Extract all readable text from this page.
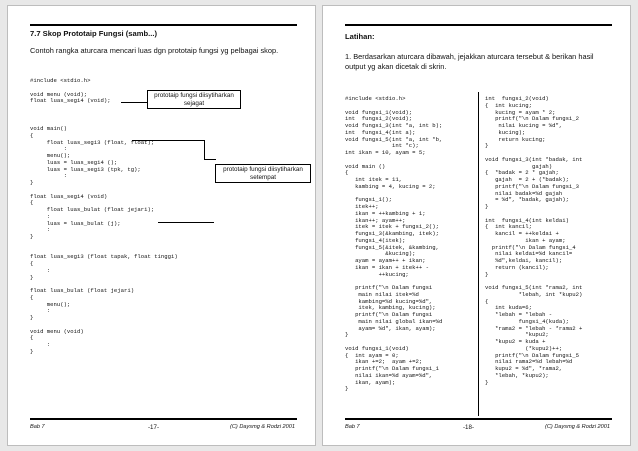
7.7 Skop Prototaip Fungsi (samb...)
Contoh rangka aturcara mencari luas dgn prototaip fungsi yg pelbagai skop.
#include <stdio.h>

void menu (void);
float luas_segi4 (void);
void main()
{
float luas_segi3 (float, float);
:
menu();
luas = luas_segi4 ();
luas = luas_segi3 (tpk, tg);
:
}

float luas_segi4 (void)
{
float luas_bulat (float jejari);
:
luas = luas_bulat (j);
:
}

float luas_segi3 (float tapak, float tinggi)
{
:
}

float luas_bulat (float jejari)
{
menu();
:
}

void menu (void)
{
:
}
prototaip fungsi diisytiharkan sejagat
prototaip fungsi diisytiharkan setempat
Bab 7	-17-	(C) Daysmg & Rodzi 2001
Latihan:
1. Berdasarkan aturcara dibawah, jejakkan aturcara tersebut & berikan hasil output yg akan dicetak di skrin.
#include <stdio.h>

void fungsi_1(void);
int  fungsi_2(void);
void fungsi_3(int *a, int b);
int  fungsi_4(int a);
void fungsi_5(int *a, int *b,
int *c);
int ikan = 10, ayam = 5;

void main ()
{
int itek = 11,
kambing = 4, kucing = 2;

fungsi_1();
itek++;
ikan = ++kambing + 1;
ikan++; ayam++;
itek = itek + fungsi_2();
fungsi_3(&kambing, itek);
fungsi_4(itek);
fungsi_5(&itek, &kambing,
&kucing);
ayam = ayam++ + ikan;
ikan = ikan + itek++ -
++kucing;

printf("\n Dalam fungsi
main nilai itek=%d
kambing=%d kucing=%d",
itek, kambing, kucing);
printf("\n Dalam fungsi
main nilai global ikan=%d
ayam= %d", ikan, ayam);
}

void fungsi_1(void)
{  int ayam = 0;
ikan +=2;  ayam +=2;
printf("\n Dalam fungsi_1
nilai ikan=%d ayam=%d",
ikan, ayam);
}
int  fungsi_2(void)
{  int kucing;
kucing = ayam * 2;
printf("\n Dalam fungsi_2
nilai kucing = %d",
kucing);
return kucing;
}

void fungsi_3(int *badak, int
gajah)
{  *badak = 2 * gajah;
gajah  = 2 + (*badak);
printf("\n Dalam fungsi_3
nilai badak=%d gajah
= %d", *badak, gajah);
}

int  fungsi_4(int keldai)
{  int kancil;
kancil = ++keldai +
ikan + ayam;
printf("\n Dalam fungsi_4
nilai keldai=%d kancil=
%d",keldai, kancil);
return (kancil);
}

void fungsi_5(int *rama2, int
*lebah, int *kupu2)
{
int kuda=6;
*lebah = *lebah -
fungsi_4(kuda);
*rama2 = *lebah - *rama2 +
*kupu2;
*kupu2 = kuda +
(*kupu2)++;
printf("\n Dalam fungsi_5
nilai rama2=%d lebah=%d
kupu2 = %d", *rama2,
*lebah, *kupu2);
}
Bab 7	-18-	(C) Daysmg & Rodzi 2001
